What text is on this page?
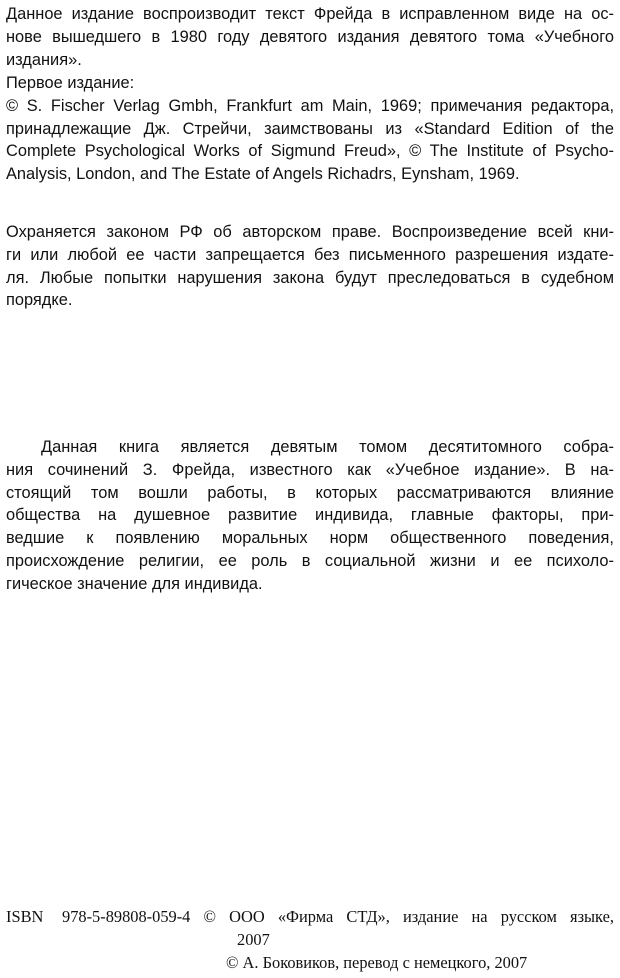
Данное издание воспроизводит текст Фрейда в исправленном виде на ос-
нове вышедшего в 1980 году девятого издания девятого тома «Учебного
издания».
Первое издание:
© S. Fischer Verlag Gmbh, Frankfurt am Main, 1969; примечания редактора,
принадлежащие Дж. Стрейчи, заимствованы из «Standard Edition of the
Complete Psychological Works of Sigmund Freud», © The Institute of Psycho-
Analysis, London, and The Estate of Angels Richadrs, Eynsham, 1969.
Охраняется законом РФ об авторском праве. Воспроизведение всей кни-
ги или любой ее части запрещается без письменного разрешения издате-
ля. Любые попытки нарушения закона будут преследоваться в судебном
порядке.
Данная книга является девятым томом десятитомного собра-
ния сочинений З. Фрейда, известного как «Учебное издание». В на-
стоящий том вошли работы, в которых рассматриваются влияние
общества на душевное развитие индивида, главные факторы, при-
ведшие к появлению моральных норм общественного поведения,
происхождение религии, ее роль в социальной жизни и ее психоло-
гическое значение для индивида.
ISBN	978-5-89808-059-4 © ООО «Фирма СТД», издание на русском языке,
2007
© А. Боковиков, перевод с немецкого, 2007
